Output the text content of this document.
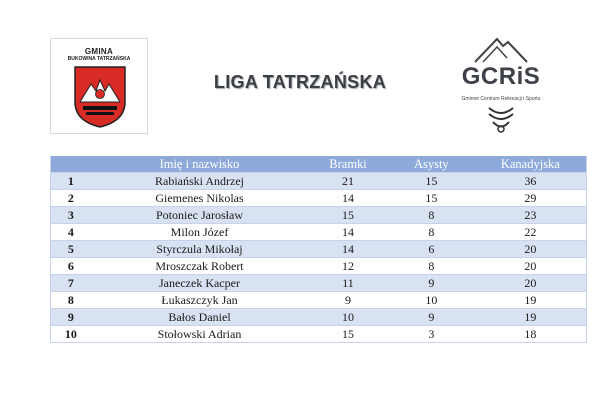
GMINA
BUKOWINA TATRZAŃSKA
LIGA TATRZAŃSKA	GCRiS
Gminne Centrum Rekreacji i Sportu
	Imię i nazwisko	Bramki	Asysty	Kanadyjska
1	Rabiański Andrzej	21	15	36
2	Giemenes Nikolas	14	15	29
3	Potoniec Jarosław	15	8	23
4	Milon Józef	14	8	22
5	Styrczula Mikołaj	14	6	20
6	Mroszczak Robert	12	8	20
7	Janeczek Kacper	11	9	20
8	Łukaszczyk Jan	9	10	19
9	Bałos Daniel	10	9	19
10	Stołowski Adrian	15	3	18
